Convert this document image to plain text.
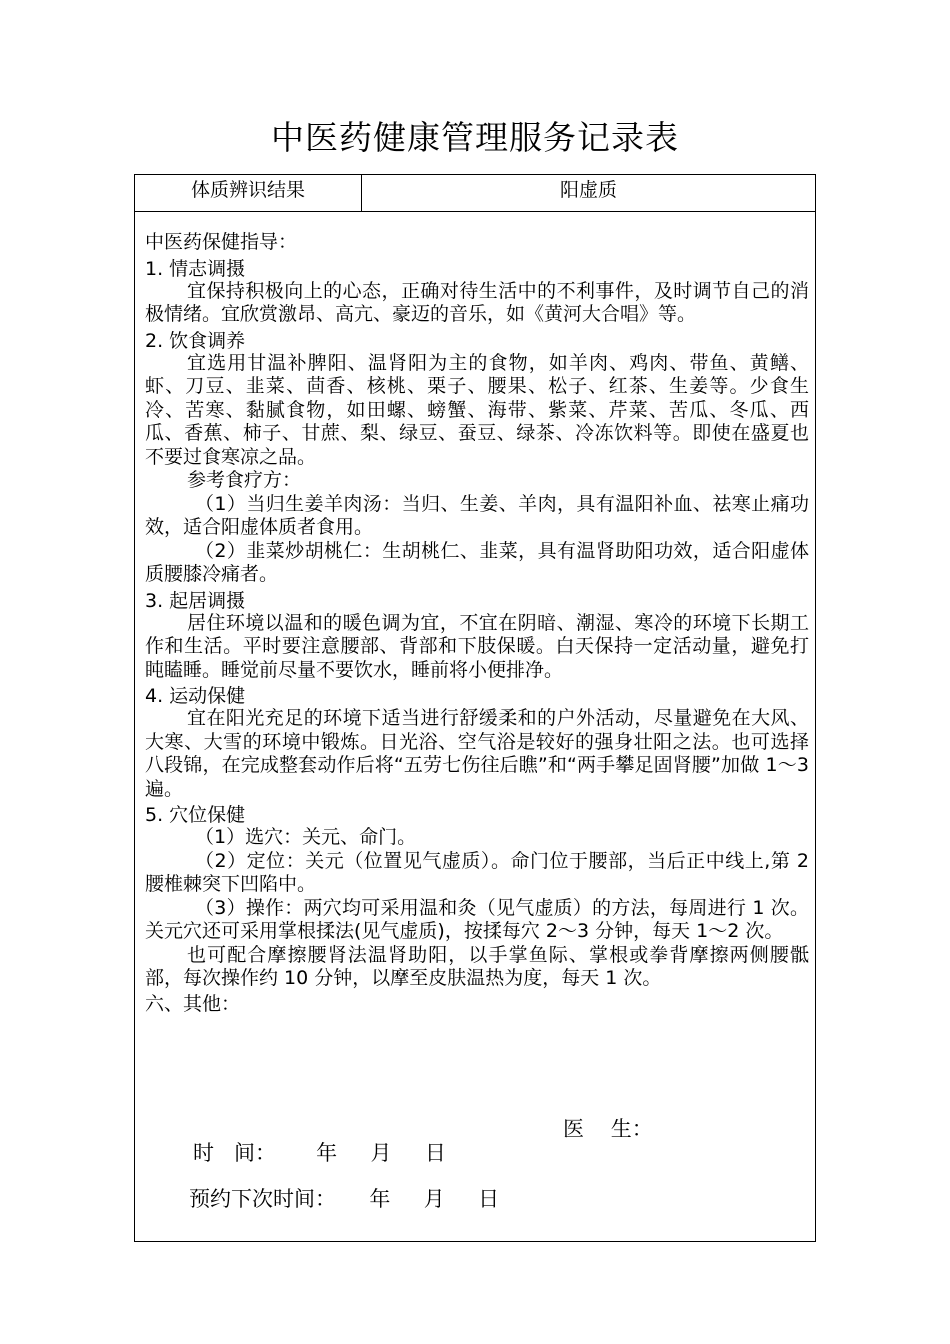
中医药健康管理服务记录表
体质辨识结果	阳虚质

中医药保健指导：

1. 情志调摄

宜保持积极向上的心态，正确对待生活中的不利事件，及时调节自己的消极情绪。宜欣赏激昂、高亢、豪迈的音乐，如《黄河大合唱》等。

2. 饮食调养

宜选用甘温补脾阳、温肾阳为主的食物，如羊肉、鸡肉、带鱼、黄鳝、虾、刀豆、韭菜、茴香、核桃、栗子、腰果、松子、红茶、生姜等。少食生冷、苦寒、黏腻食物，如田螺、螃蟹、海带、紫菜、芹菜、苦瓜、冬瓜、西瓜、香蕉、柿子、甘蔗、梨、绿豆、蚕豆、绿茶、冷冻饮料等。即使在盛夏也不要过食寒凉之品。

参考食疗方：

（1）当归生姜羊肉汤：当归、生姜、羊肉，具有温阳补血、祛寒止痛功效，适合阳虚体质者食用。

（2）韭菜炒胡桃仁：生胡桃仁、韭菜，具有温肾助阳功效，适合阳虚体质腰膝冷痛者。

3. 起居调摄

居住环境以温和的暖色调为宜，不宜在阴暗、潮湿、寒冷的环境下长期工作和生活。平时要注意腰部、背部和下肢保暖。白天保持一定活动量，避免打盹瞌睡。睡觉前尽量不要饮水，睡前将小便排净。

4. 运动保健

宜在阳光充足的环境下适当进行舒缓柔和的户外活动，尽量避免在大风、大寒、大雪的环境中锻炼。日光浴、空气浴是较好的强身壮阳之法。也可选择八段锦，在完成整套动作后将“五劳七伤往后瞧”和“两手攀足固肾腰”加做 1～3 遍。

5. 穴位保健

（1）选穴：关元、命门。

（2）定位：关元（位置见气虚质）。命门位于腰部，当后正中线上,第 2 腰椎棘突下凹陷中。

（3）操作：两穴均可采用温和灸（见气虚质）的方法，每周进行 1 次。关元穴还可采用掌根揉法(见气虚质)，按揉每穴 2～3 分钟，每天 1～2 次。

也可配合摩擦腰肾法温肾助阳，以手掌鱼际、掌根或拳背摩擦两侧腰骶部，每次操作约 10 分钟，以摩至皮肤温热为度，每天 1 次。

六、其他：

医    生：
时   间：      年     月     日
预约下次时间：     年     月     日
